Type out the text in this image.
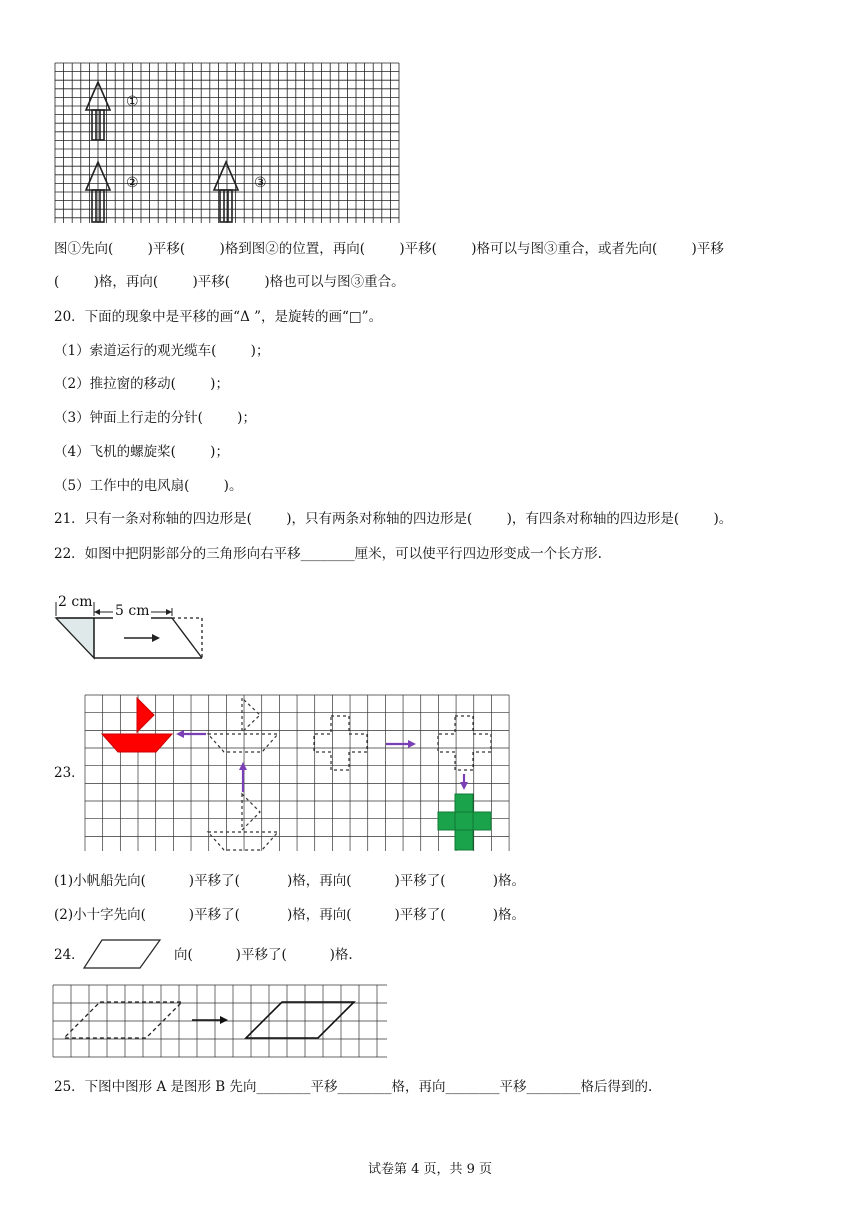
①
②	③
图①先向(        )平移(        )格到图②的位置，再向(        )平移(        )格可以与图③重合，或者先向(        )平移
(        )格，再向(        )平移(        )格也可以与图③重合。
20．下面的现象中是平移的画“Δ ”，是旋转的画“□”。
（1）索道运行的观光缆车(        )；
（2）推拉窗的移动(        )；
（3）钟面上行走的分针(        )；
（4）飞机的螺旋桨(        )；
（5）工作中的电风扇(        )。
21．只有一条对称轴的四边形是(        )，只有两条对称轴的四边形是(        )，有四条对称轴的四边形是(        )。
22．如图中把阴影部分的三角形向右平移________厘米，可以使平行四边形变成一个长方形.
2 cm
5 cm
23．
(1)小帆船先向(          )平移了(           )格，再向(          )平移了(           )格。
(2)小十字先向(          )平移了(           )格，再向(          )平移了(           )格。
24．	向(          )平移了(          )格.
25．下图中图形 A 是图形 B 先向________平移________格，再向________平移________格后得到的.
试卷第 4 页，共 9 页
